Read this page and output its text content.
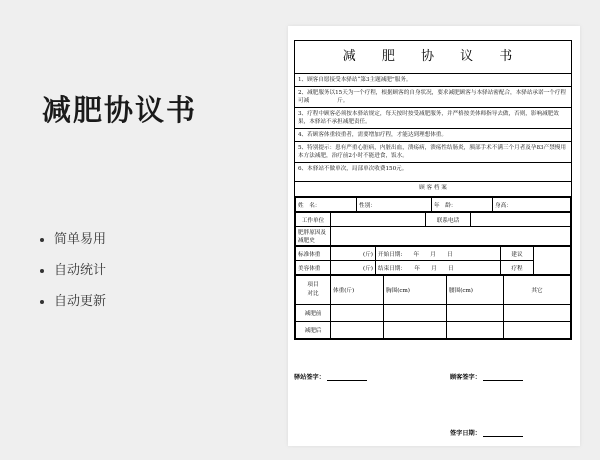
减肥协议书
简单易用
自动统计
自动更新
减 肥 协 议 书
1、顾客自愿接受本驿站“第3主题减肥”服务。
2、减肥服务以15天为一个疗程，根据顾客的自身状况，要求减肥顾客与本驿站密配合，本驿站承诺一个疗程可减　　　　　斤。
3、疗程中顾客必须按本驿站规定，每天按时按受减肥服务，并严格按美体师指导去做，否则，影响减肥效果，本驿站不承担减肥责任。
4、若顾客体重较重者，需要增加疗程，才能达到理想体重。
5、特别提示：患有严重心脏病，内脏出血，溃疡病，溃疡性结肠炎，胰部手术不满三个月者及孕83产禁慢用本方法减肥，治疗前2小时不能进食，饭水。
6、本驿站不做单次，局部单次收费150元。
顾 客 档 案
姓　名：	性别：	年　龄：	身高：
工作单位		联系电话	
肥胖原因及减肥史			
标准体重	(斤)	开始日期:　　 年　　 月　　 日	建议	
美容体重	(斤)	结束日期：　　 年　　 月　　 日	疗程	
项目
对比	体重(斤)	胸围(cm)	腰围(cm)	其它
减肥前				
减肥后				
驿站签字：	顾客签字：
签字日期：
